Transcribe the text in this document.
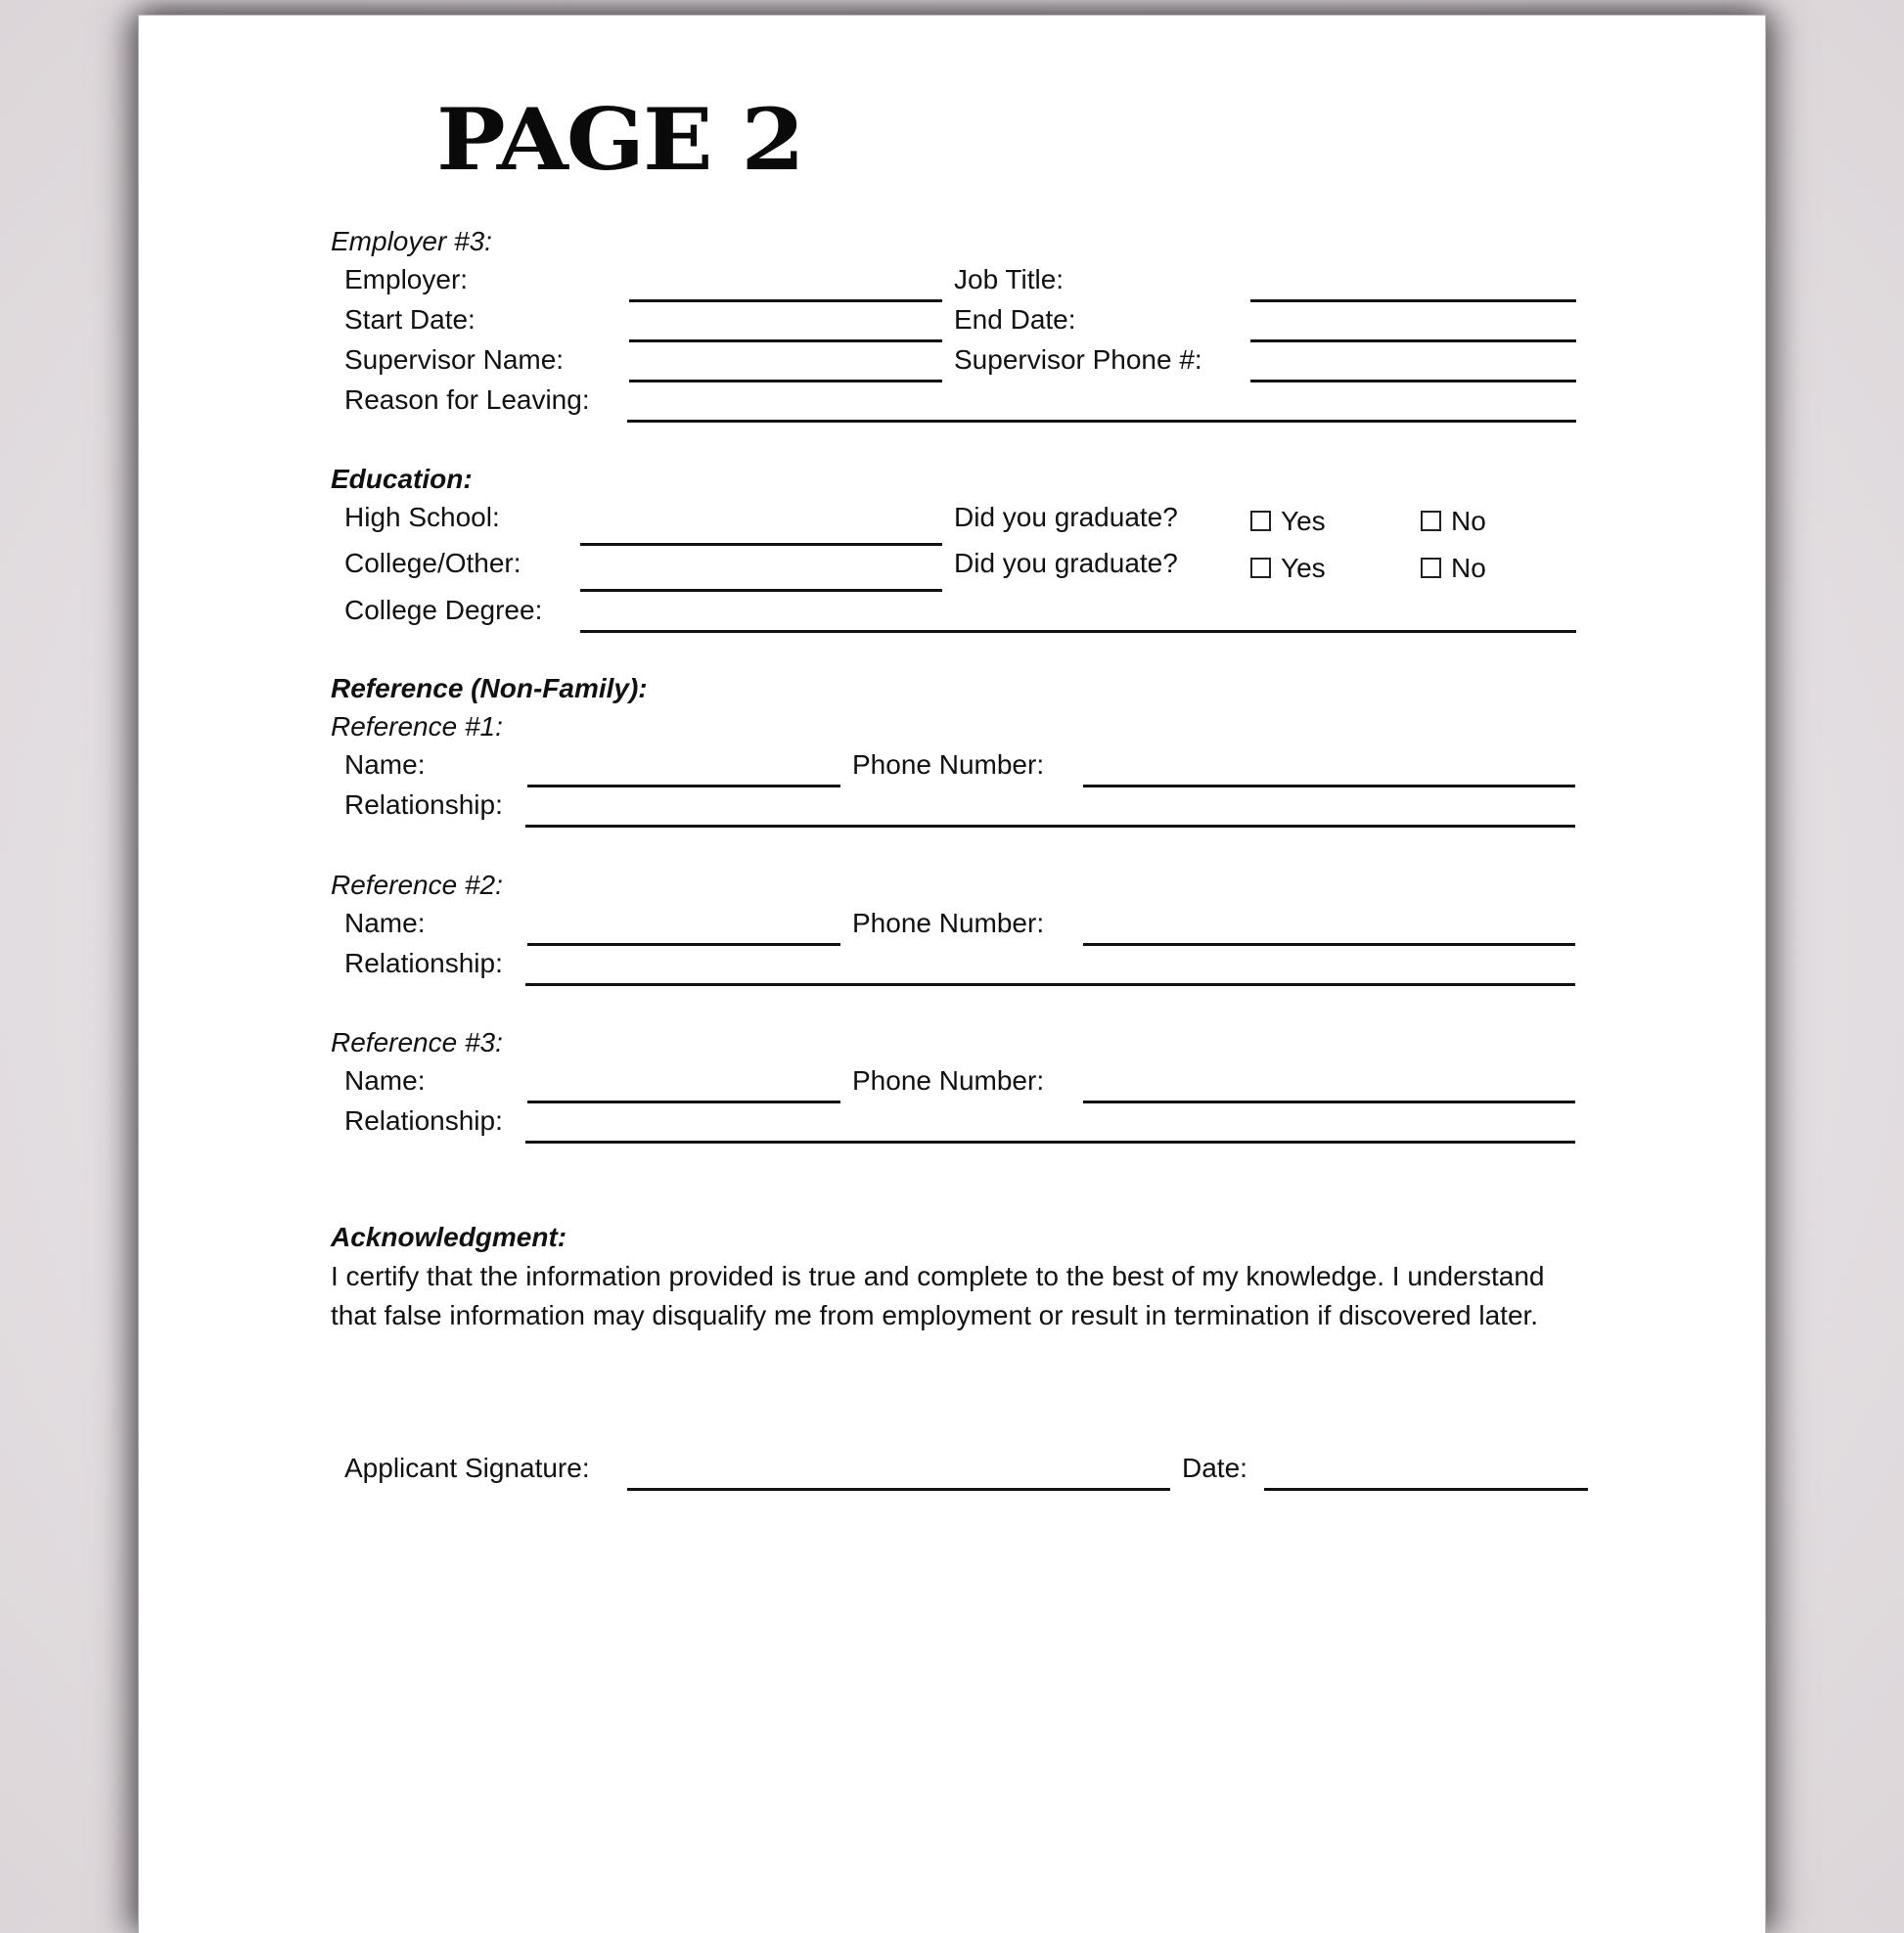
PAGE 2
Employer #3:
Employer:	Job Title:
Start Date:	End Date:
Supervisor Name:	Supervisor Phone #:
Reason for Leaving:
Education:
High School:	Did you graduate?	Yes	No
College/Other:	Did you graduate?	Yes	No
College Degree:
Reference (Non-Family):
Reference #1:
Name:	Phone Number:
Relationship:
Reference #2:
Name:	Phone Number:
Relationship:
Reference #3:
Name:	Phone Number:
Relationship:
Acknowledgment:
I certify that the information provided is true and complete to the best of my knowledge. I understand that false information may disqualify me from employment or result in termination if discovered later.
Applicant Signature:	Date:
